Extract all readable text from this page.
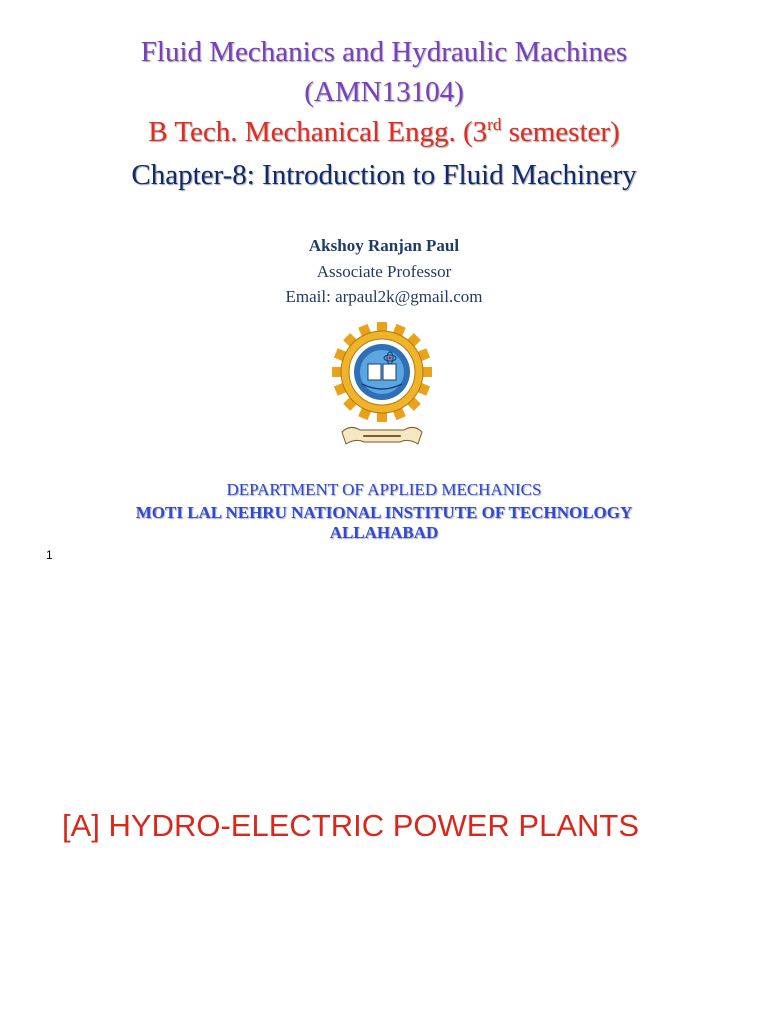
Fluid Mechanics and Hydraulic Machines
(AMN13104)
B Tech. Mechanical Engg. (3rd semester)
Chapter-8: Introduction to Fluid Machinery
Akshoy Ranjan Paul
Associate Professor
Email: arpaul2k@gmail.com
DEPARTMENT OF APPLIED MECHANICS
MOTI LAL NEHRU NATIONAL INSTITUTE OF TECHNOLOGY
ALLAHABAD
1
[A] HYDRO-ELECTRIC POWER PLANTS
